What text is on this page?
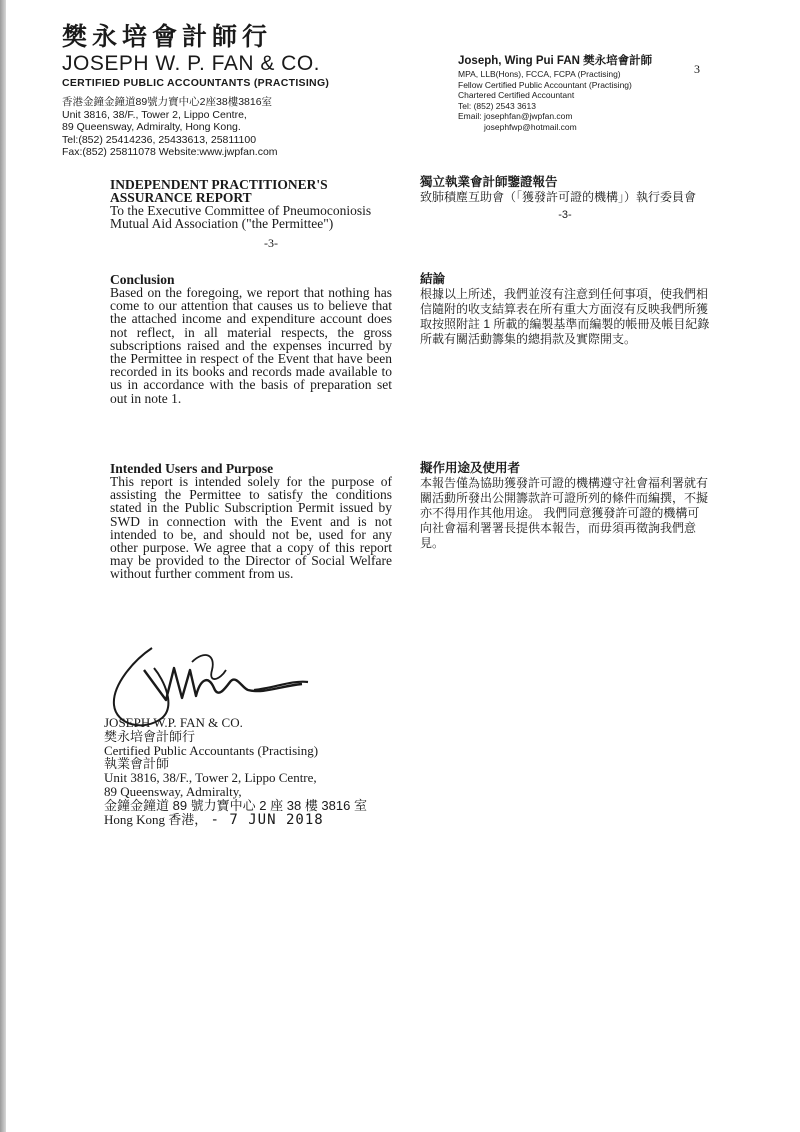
樊永培會計師行
JOSEPH W. P. FAN & CO.
CERTIFIED PUBLIC ACCOUNTANTS (PRACTISING)
香港金鐘金鐘道89號力寶中心2座38樓3816室
Unit 3816, 38/F., Tower 2, Lippo Centre,
89 Queensway, Admiralty, Hong Kong.
Tel:(852) 25414236, 25433613, 25811100
Fax:(852) 25811078 Website:www.jwpfan.com
Joseph, Wing Pui FAN 樊永培會計師
MPA, LLB(Hons), FCCA, FCPA (Practising)
Fellow Certified Public Accountant (Practising)
Chartered Certified Accountant
Tel: (852) 2543 3613
Email: josephfan@jwpfan.com
josephfwp@hotmail.com
3
INDEPENDENT PRACTITIONER'S
ASSURANCE REPORT
To the Executive Committee of Pneumoconiosis Mutual Aid Association ("the Permittee")
-3-
Conclusion
Based on the foregoing, we report that nothing has come to our attention that causes us to believe that the attached income and expenditure account does not reflect, in all material respects, the gross subscriptions raised and the expenses incurred by the Permittee in respect of the Event that have been recorded in its books and records made available to us in accordance with the basis of preparation set out in note 1.
Intended Users and Purpose
This report is intended solely for the purpose of assisting the Permittee to satisfy the conditions stated in the Public Subscription Permit issued by SWD in connection with the Event and is not intended to be, and should not be, used for any other purpose. We agree that a copy of this report may be provided to the Director of Social Welfare without further comment from us.
獨立執業會計師鑒證報告
致肺積塵互助會（「獲發許可證的機構」）執行委員會
-3-
結論
根據以上所述，我們並沒有注意到任何事項，使我們相信隨附的收支結算表在所有重大方面沒有反映我們所獲取按照附註 1 所載的編製基準而編製的帳冊及帳目紀錄所載有關活動籌集的總捐款及實際開支。
擬作用途及使用者
本報告僅為協助獲發許可證的機構遵守社會福利署就有關活動所發出公開籌款許可證所列的條件而編撰，不擬亦不得用作其他用途。 我們同意獲發許可證的機構可向社會福利署署長提供本報告，而毋須再徵詢我們意見。
JOSEPH W.P. FAN & CO.
樊永培會計師行
Certified Public Accountants (Practising)
執業會計師
Unit 3816, 38/F., Tower 2, Lippo Centre,
89 Queensway, Admiralty,
金鐘金鐘道 89 號力寶中心 2 座 38 樓 3816 室
Hong Kong 香港， - 7 JUN 2018
